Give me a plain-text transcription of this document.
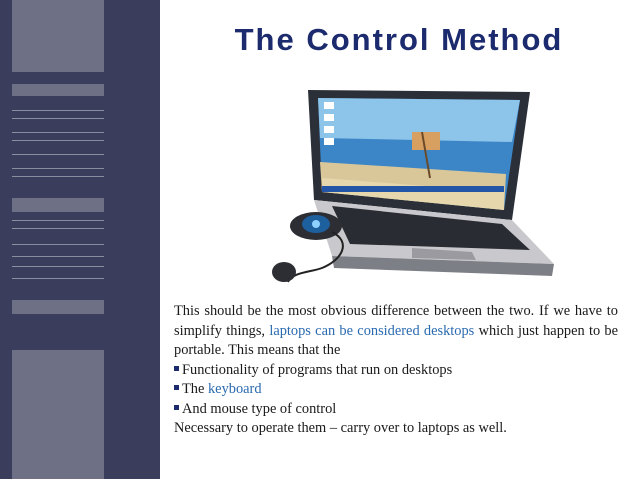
The Control Method

This should be the most obvious difference between the two. If we have to simplify things, laptops can be considered desktops which just happen to be portable. This means that the

Functionality of programs that run on desktops

The keyboard

And mouse type of control

Necessary to operate them – carry over to laptops as well.
